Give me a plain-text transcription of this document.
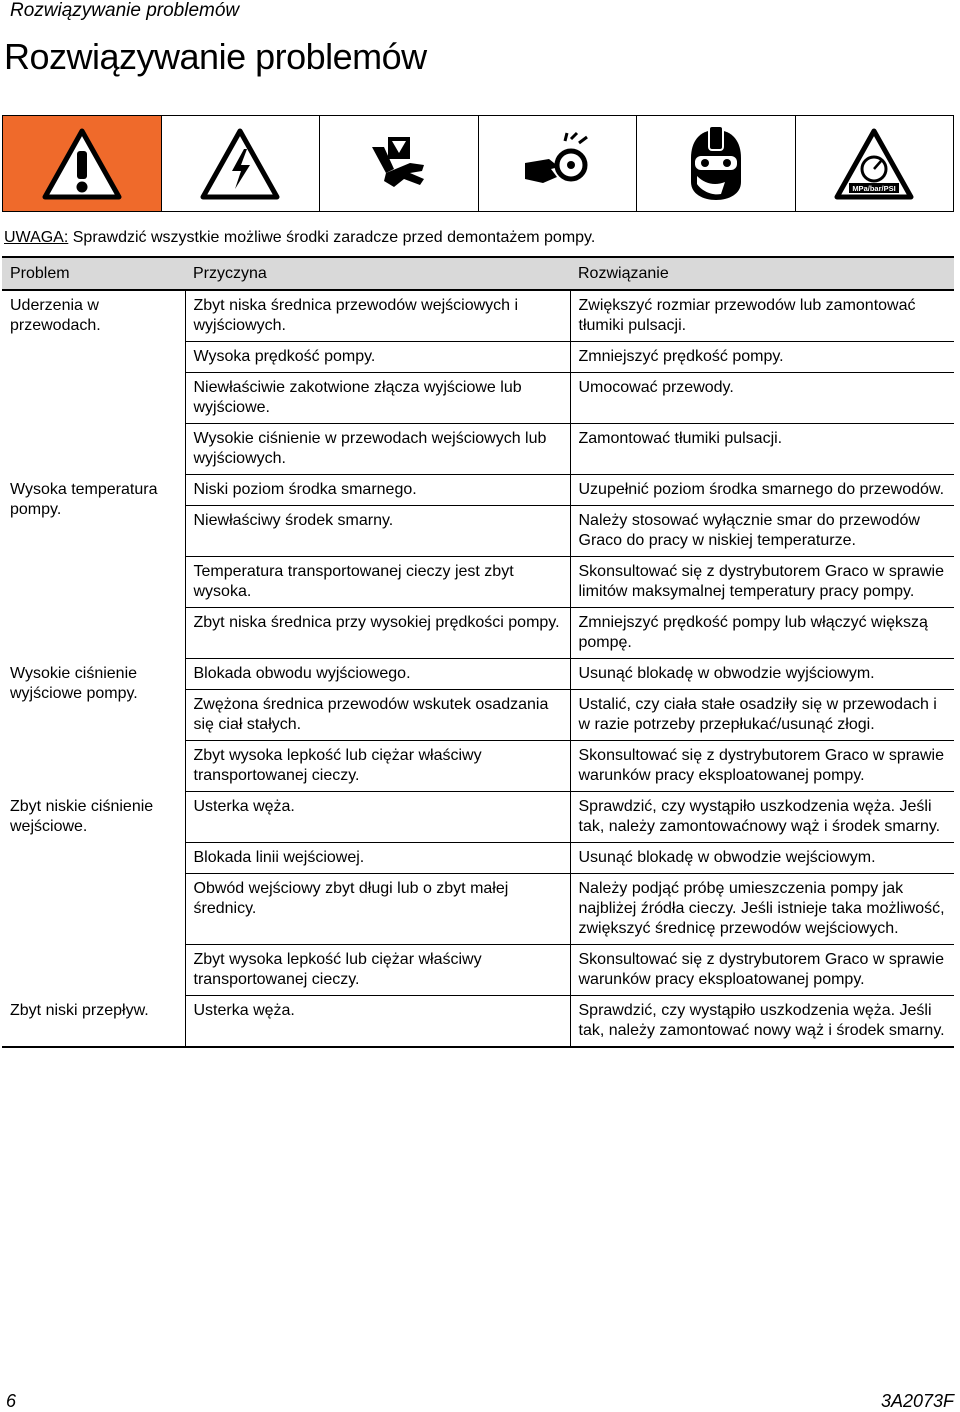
Rozwiązywanie problemów
Rozwiązywanie problemów
MPa/bar/PSI
UWAGA: Sprawdzić wszystkie możliwe środki zaradcze przed demontażem pompy.
Problem	Przyczyna	Rozwiązanie
Uderzenia w przewodach.	Zbyt niska średnica przewodów wejściowych i wyjściowych.	Zwiększyć rozmiar przewodów lub zamontować tłumiki pulsacji.
	Wysoka prędkość pompy.	Zmniejszyć prędkość pompy.
	Niewłaściwie zakotwione złącza wyjściowe lub wyjściowe.	Umocować przewody.
	Wysokie ciśnienie w przewodach wejściowych lub wyjściowych.	Zamontować tłumiki pulsacji.
Wysoka temperatura pompy.	Niski poziom środka smarnego.	Uzupełnić poziom środka smarnego do przewodów.
	Niewłaściwy środek smarny.	Należy stosować wyłącznie smar do przewodów Graco do pracy w niskiej temperaturze.
	Temperatura transportowanej cieczy jest zbyt wysoka.	Skonsultować się z dystrybutorem Graco w sprawie limitów maksymalnej temperatury pracy pompy.
	Zbyt niska średnica przy wysokiej prędkości pompy.	Zmniejszyć prędkość pompy lub włączyć większą pompę.
Wysokie ciśnienie wyjściowe pompy.	Blokada obwodu wyjściowego.	Usunąć blokadę w obwodzie wyjściowym.
	Zwężona średnica przewodów wskutek osadzania się ciał stałych.	Ustalić, czy ciała stałe osadziły się w przewodach i w razie potrzeby przepłukać/usunąć złogi.
	Zbyt wysoka lepkość lub ciężar właściwy transportowanej cieczy.	Skonsultować się z dystrybutorem Graco w sprawie warunków pracy eksploatowanej pompy.
Zbyt niskie ciśnienie wejściowe.	Usterka węża.	Sprawdzić, czy wystąpiło uszkodzenia węża. Jeśli tak, należy zamontowaćnowy wąż i środek smarny.
	Blokada linii wejściowej.	Usunąć blokadę w obwodzie wejściowym.
	Obwód wejściowy zbyt długi lub o zbyt małej średnicy.	Należy podjąć próbę umieszczenia pompy jak najbliżej źródła cieczy. Jeśli istnieje taka możliwość, zwiększyć średnicę przewodów wejściowych.
	Zbyt wysoka lepkość lub ciężar właściwy transportowanej cieczy.	Skonsultować się z dystrybutorem Graco w sprawie warunków pracy eksploatowanej pompy.
Zbyt niski przepływ.	Usterka węża.	Sprawdzić, czy wystąpiło uszkodzenia węża. Jeśli tak, należy zamontować nowy wąż i środek smarny.
6	3A2073F
